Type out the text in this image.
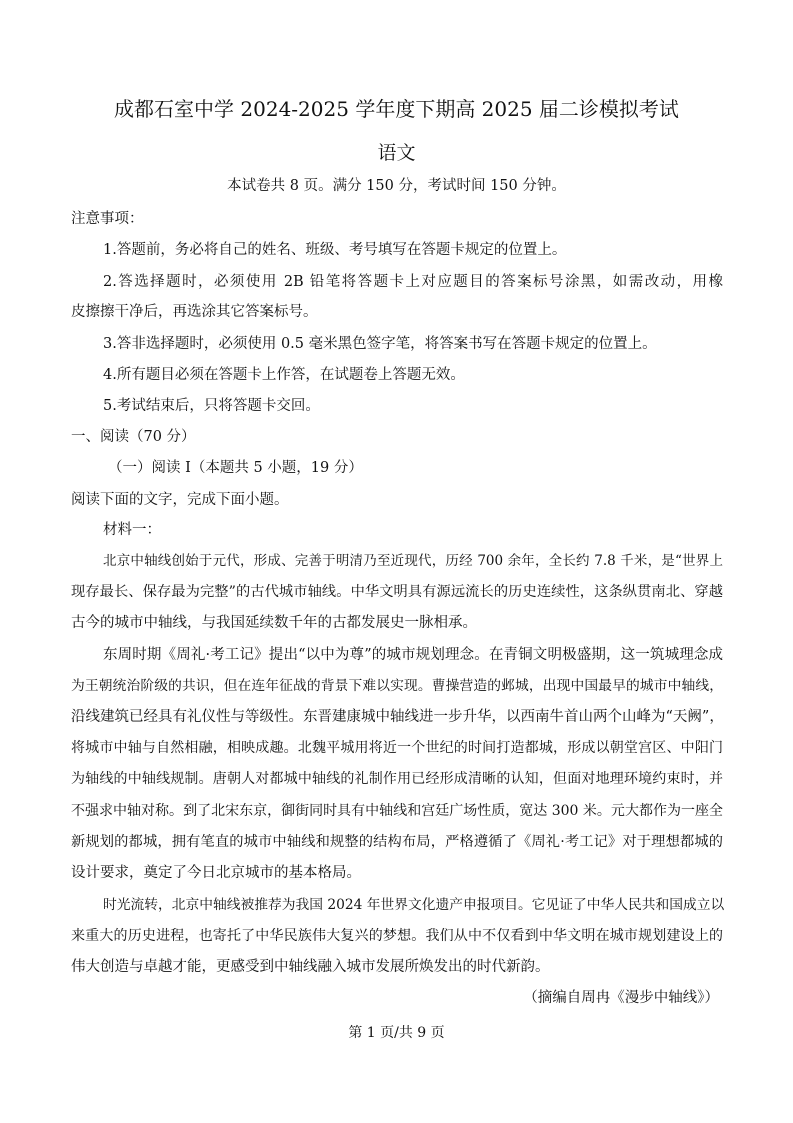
成都石室中学 2024-2025 学年度下期高 2025 届二诊模拟考试
语文
本试卷共 8 页。满分 150 分，考试时间 150 分钟。
注意事项：
1.答题前，务必将自己的姓名、班级、考号填写在答题卡规定的位置上。
2.答选择题时，必须使用 2B 铅笔将答题卡上对应题目的答案标号涂黑，如需改动，用橡
皮擦擦干净后，再选涂其它答案标号。
3.答非选择题时，必须使用 0.5 毫米黑色签字笔，将答案书写在答题卡规定的位置上。
4.所有题目必须在答题卡上作答，在试题卷上答题无效。
5.考试结束后，只将答题卡交回。
一、阅读（70 分）
（一）阅读 I（本题共 5 小题，19 分）
阅读下面的文字，完成下面小题。
材料一：
北京中轴线创始于元代，形成、完善于明清乃至近现代，历经 700 余年，全长约 7.8 千米，是“世界上
现存最长、保存最为完整”的古代城市轴线。中华文明具有源远流长的历史连续性，这条纵贯南北、穿越
古今的城市中轴线，与我国延续数千年的古都发展史一脉相承。
东周时期《周礼·考工记》提出“以中为尊”的城市规划理念。在青铜文明极盛期，这一筑城理念成
为王朝统治阶级的共识，但在连年征战的背景下难以实现。曹操营造的邺城，出现中国最早的城市中轴线，
沿线建筑已经具有礼仪性与等级性。东晋建康城中轴线进一步升华，以西南牛首山两个山峰为“天阙”，
将城市中轴与自然相融，相映成趣。北魏平城用将近一个世纪的时间打造都城，形成以朝堂宫区、中阳门
为轴线的中轴线规制。唐朝人对都城中轴线的礼制作用已经形成清晰的认知，但面对地理环境约束时，并
不强求中轴对称。到了北宋东京，御街同时具有中轴线和宫廷广场性质，宽达 300 米。元大都作为一座全
新规划的都城，拥有笔直的城市中轴线和规整的结构布局，严格遵循了《周礼·考工记》对于理想都城的
设计要求，奠定了今日北京城市的基本格局。
时光流转，北京中轴线被推荐为我国 2024 年世界文化遗产申报项目。它见证了中华人民共和国成立以
来重大的历史进程，也寄托了中华民族伟大复兴的梦想。我们从中不仅看到中华文明在城市规划建设上的
伟大创造与卓越才能，更感受到中轴线融入城市发展所焕发出的时代新韵。
（摘编自周冉《漫步中轴线》）
第 1 页/共 9 页
